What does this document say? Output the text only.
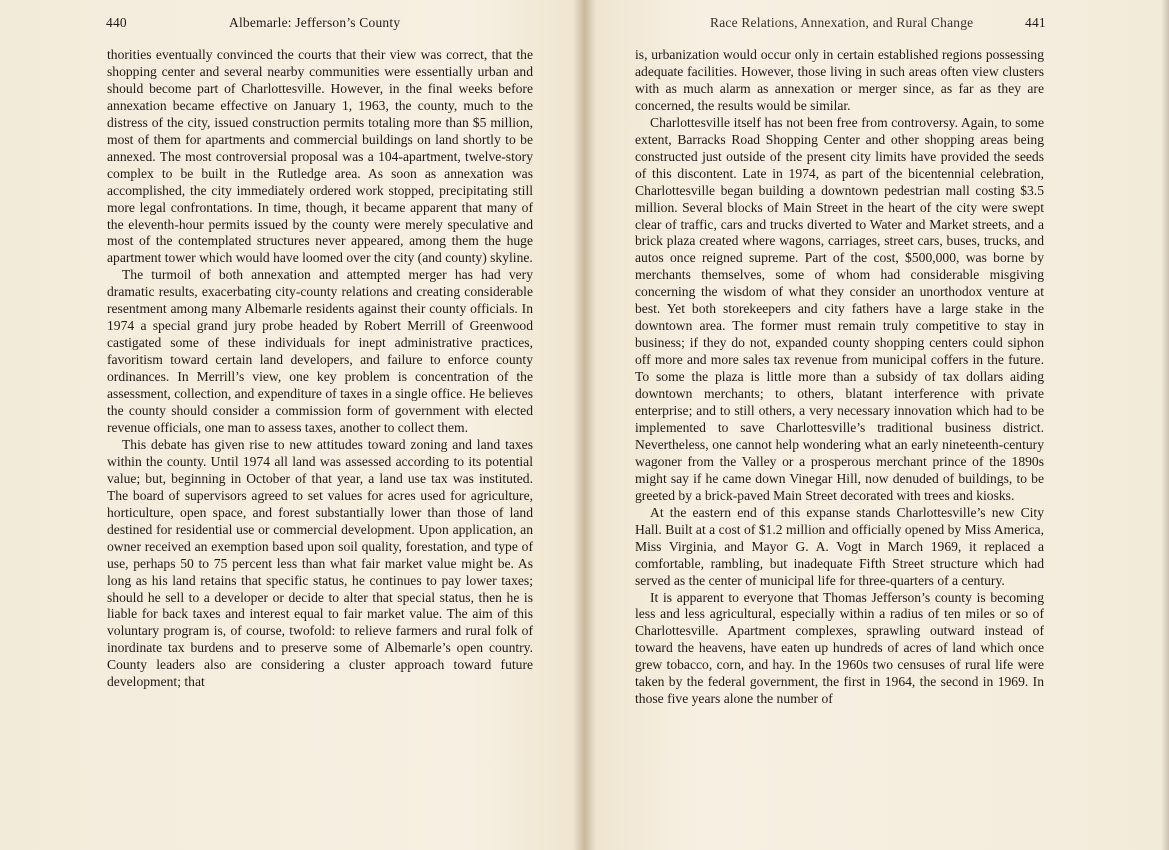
440	Albemarle: Jefferson’s County

thorities eventually convinced the courts that their view was correct, that the shopping center and several nearby communities were essentially urban and should become part of Charlottesville. However, in the final weeks before annexation became effective on January 1, 1963, the county, much to the distress of the city, issued construction permits totaling more than $5 million, most of them for apartments and commercial buildings on land shortly to be annexed. The most controversial proposal was a 104-apartment, twelve-story complex to be built in the Rutledge area. As soon as annexation was accomplished, the city immediately ordered work stopped, precipitating still more legal confrontations. In time, though, it became apparent that many of the eleventh-hour permits issued by the county were merely speculative and most of the contemplated structures never appeared, among them the huge apartment tower which would have loomed over the city (and county) skyline.

The turmoil of both annexation and attempted merger has had very dramatic results, exacerbating city-county relations and creating considerable resentment among many Albemarle residents against their county officials. In 1974 a special grand jury probe headed by Robert Merrill of Greenwood castigated some of these individuals for inept administrative practices, favoritism toward certain land developers, and failure to enforce county ordinances. In Merrill’s view, one key problem is concentration of the assessment, collection, and expenditure of taxes in a single office. He believes the county should consider a commission form of government with elected revenue officials, one man to assess taxes, another to collect them.

This debate has given rise to new attitudes toward zoning and land taxes within the county. Until 1974 all land was assessed according to its potential value; but, beginning in October of that year, a land use tax was instituted. The board of supervisors agreed to set values for acres used for agriculture, horticulture, open space, and forest substantially lower than those of land destined for residential use or commercial development. Upon application, an owner received an exemption based upon soil quality, forestation, and type of use, perhaps 50 to 75 percent less than what fair market value might be. As long as his land retains that specific status, he continues to pay lower taxes; should he sell to a developer or decide to alter that special status, then he is liable for back taxes and interest equal to fair market value. The aim of this voluntary program is, of course, twofold: to relieve farmers and rural folk of inordinate tax burdens and to preserve some of Albemarle’s open country. County leaders also are considering a cluster approach toward future development; that

Race Relations, Annexation, and Rural Change	441

is, urbanization would occur only in certain established regions possessing adequate facilities. However, those living in such areas often view clusters with as much alarm as annexation or merger since, as far as they are concerned, the results would be similar.

Charlottesville itself has not been free from controversy. Again, to some extent, Barracks Road Shopping Center and other shopping areas being constructed just outside of the present city limits have provided the seeds of this discontent. Late in 1974, as part of the bicentennial celebration, Charlottesville began building a downtown pedestrian mall costing $3.5 million. Several blocks of Main Street in the heart of the city were swept clear of traffic, cars and trucks diverted to Water and Market streets, and a brick plaza created where wagons, carriages, street cars, buses, trucks, and autos once reigned supreme. Part of the cost, $500,000, was borne by merchants themselves, some of whom had considerable misgiving concerning the wisdom of what they consider an unorthodox venture at best. Yet both storekeepers and city fathers have a large stake in the downtown area. The former must remain truly competitive to stay in business; if they do not, expanded county shopping centers could siphon off more and more sales tax revenue from municipal coffers in the future. To some the plaza is little more than a subsidy of tax dollars aiding downtown merchants; to others, blatant interference with private enterprise; and to still others, a very necessary innovation which had to be implemented to save Charlottesville’s traditional business district. Nevertheless, one cannot help wondering what an early nineteenth-century wagoner from the Valley or a prosperous merchant prince of the 1890s might say if he came down Vinegar Hill, now denuded of buildings, to be greeted by a brick-paved Main Street decorated with trees and kiosks.

At the eastern end of this expanse stands Charlottesville’s new City Hall. Built at a cost of $1.2 million and officially opened by Miss America, Miss Virginia, and Mayor G. A. Vogt in March 1969, it replaced a comfortable, rambling, but inadequate Fifth Street structure which had served as the center of municipal life for three-quarters of a century.

It is apparent to everyone that Thomas Jefferson’s county is becoming less and less agricultural, especially within a radius of ten miles or so of Charlottesville. Apartment complexes, sprawling outward instead of toward the heavens, have eaten up hundreds of acres of land which once grew tobacco, corn, and hay. In the 1960s two censuses of rural life were taken by the federal government, the first in 1964, the second in 1969. In those five years alone the number of
